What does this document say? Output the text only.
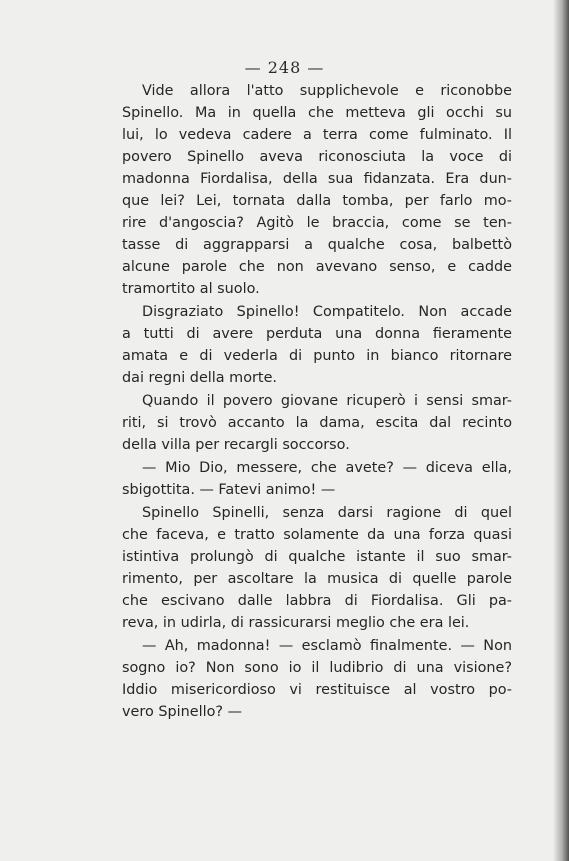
— 248 —
Vide allora l'atto supplichevole e riconobbe
Spinello. Ma in quella che metteva gli occhi su
lui, lo vedeva cadere a terra come fulminato. Il
povero Spinello aveva riconosciuta la voce di
madonna Fiordalisa, della sua fidanzata. Era dun-
que lei? Lei, tornata dalla tomba, per farlo mo-
rire d'angoscia? Agitò le braccia, come se ten-
tasse di aggrapparsi a qualche cosa, balbettò
alcune parole che non avevano senso, e cadde
tramortito al suolo.
Disgraziato Spinello! Compatitelo. Non accade
a tutti di avere perduta una donna fieramente
amata e di vederla di punto in bianco ritornare
dai regni della morte.
Quando il povero giovane ricuperò i sensi smar-
riti, si trovò accanto la dama, escita dal recinto
della villa per recargli soccorso.
— Mio Dio, messere, che avete? — diceva ella,
sbigottita. — Fatevi animo! —
Spinello Spinelli, senza darsi ragione di quel
che faceva, e tratto solamente da una forza quasi
istintiva prolungò di qualche istante il suo smar-
rimento, per ascoltare la musica di quelle parole
che escivano dalle labbra di Fiordalisa. Gli pa-
reva, in udirla, di rassicurarsi meglio che era lei.
— Ah, madonna! — esclamò finalmente. — Non
sogno io? Non sono io il ludibrio di una visione?
Iddio misericordioso vi restituisce al vostro po-
vero Spinello? —
